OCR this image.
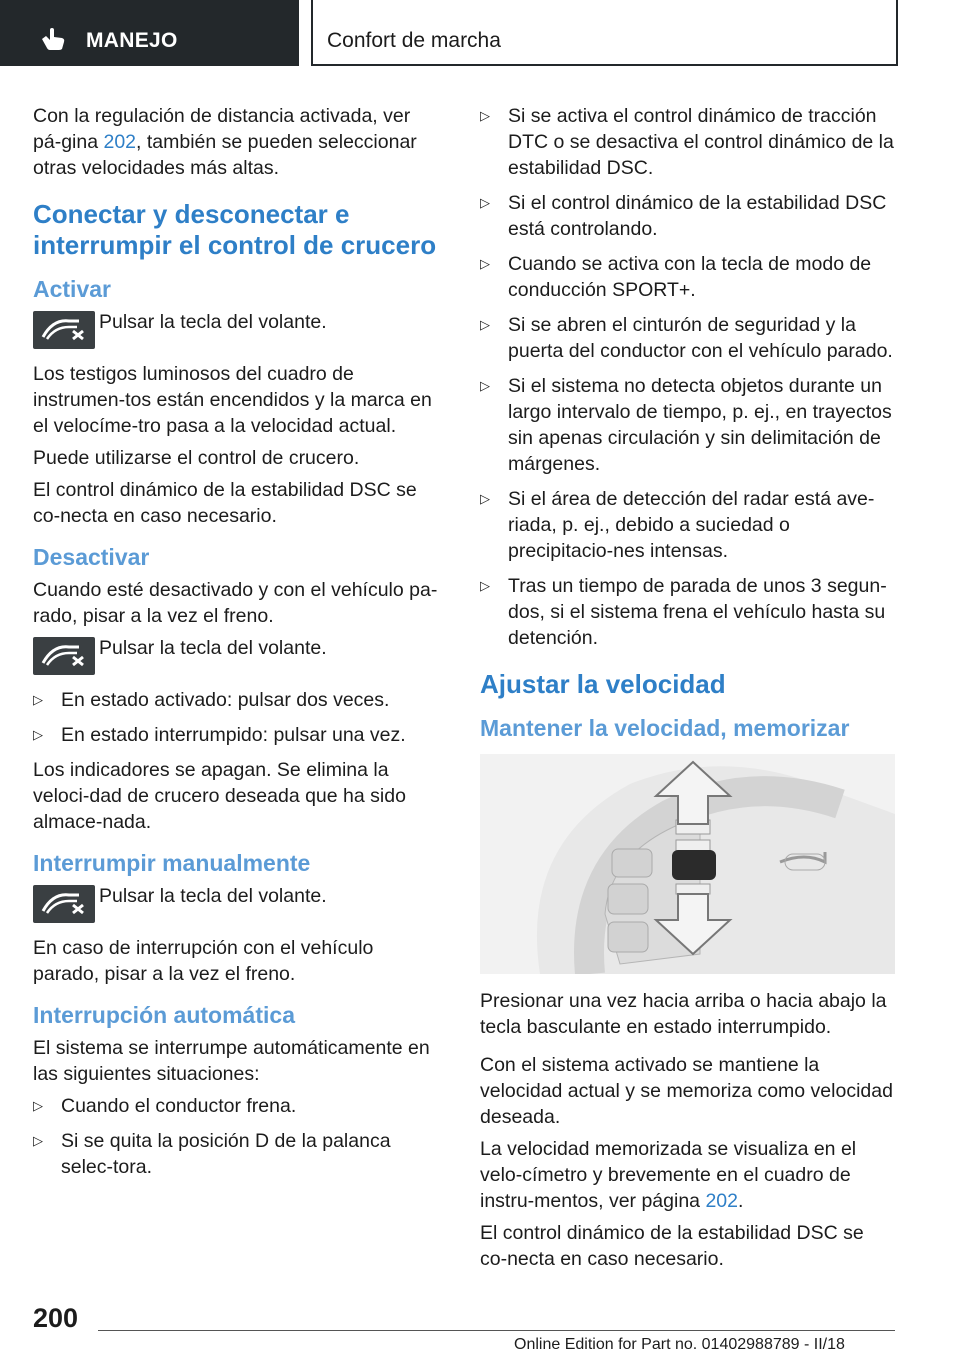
MANEJO	Confort de marcha

Con la regulación de distancia activada, ver pá-gina 202, también se pueden seleccionar otras velocidades más altas.

Conectar y desconectar e interrumpir el control de crucero
Activar
Pulsar la tecla del volante.

Los testigos luminosos del cuadro de instrumen-tos están encendidos y la marca en el velocíme-tro pasa a la velocidad actual.

Puede utilizarse el control de crucero.

El control dinámico de la estabilidad DSC se co-necta en caso necesario.

Desactivar

Cuando esté desactivado y con el vehículo pa-rado, pisar a la vez el freno.

Pulsar la tecla del volante.
▷ En estado activado: pulsar dos veces.
▷ En estado interrumpido: pulsar una vez.

Los indicadores se apagan. Se elimina la veloci-dad de crucero deseada que ha sido almace-nada.

Interrumpir manualmente
Pulsar la tecla del volante.

En caso de interrupción con el vehículo parado, pisar a la vez el freno.

Interrupción automática

El sistema se interrumpe automáticamente en las siguientes situaciones:

▷ Cuando el conductor frena.
▷ Si se quita la posición D de la palanca selec-tora.
▷ Si se activa el control dinámico de tracción DTC o se desactiva el control dinámico de la estabilidad DSC.
▷ Si el control dinámico de la estabilidad DSC está controlando.
▷ Cuando se activa con la tecla de modo de conducción SPORT+.
▷ Si se abren el cinturón de seguridad y la puerta del conductor con el vehículo parado.
▷ Si el sistema no detecta objetos durante un largo intervalo de tiempo, p. ej., en trayectos sin apenas circulación y sin delimitación de márgenes.
▷ Si el área de detección del radar está ave-riada, p. ej., debido a suciedad o precipitacio-nes intensas.
▷ Tras un tiempo de parada de unos 3 segun-dos, si el sistema frena el vehículo hasta su detención.
Ajustar la velocidad
Mantener la velocidad, memorizar

Presionar una vez hacia arriba o hacia abajo la tecla basculante en estado interrumpido.

Con el sistema activado se mantiene la velocidad actual y se memoriza como velocidad deseada.

La velocidad memorizada se visualiza en el velo-címetro y brevemente en el cuadro de instru-mentos, ver página 202.

El control dinámico de la estabilidad DSC se co-necta en caso necesario.

200
Online Edition for Part no. 01402988789 - II/18
